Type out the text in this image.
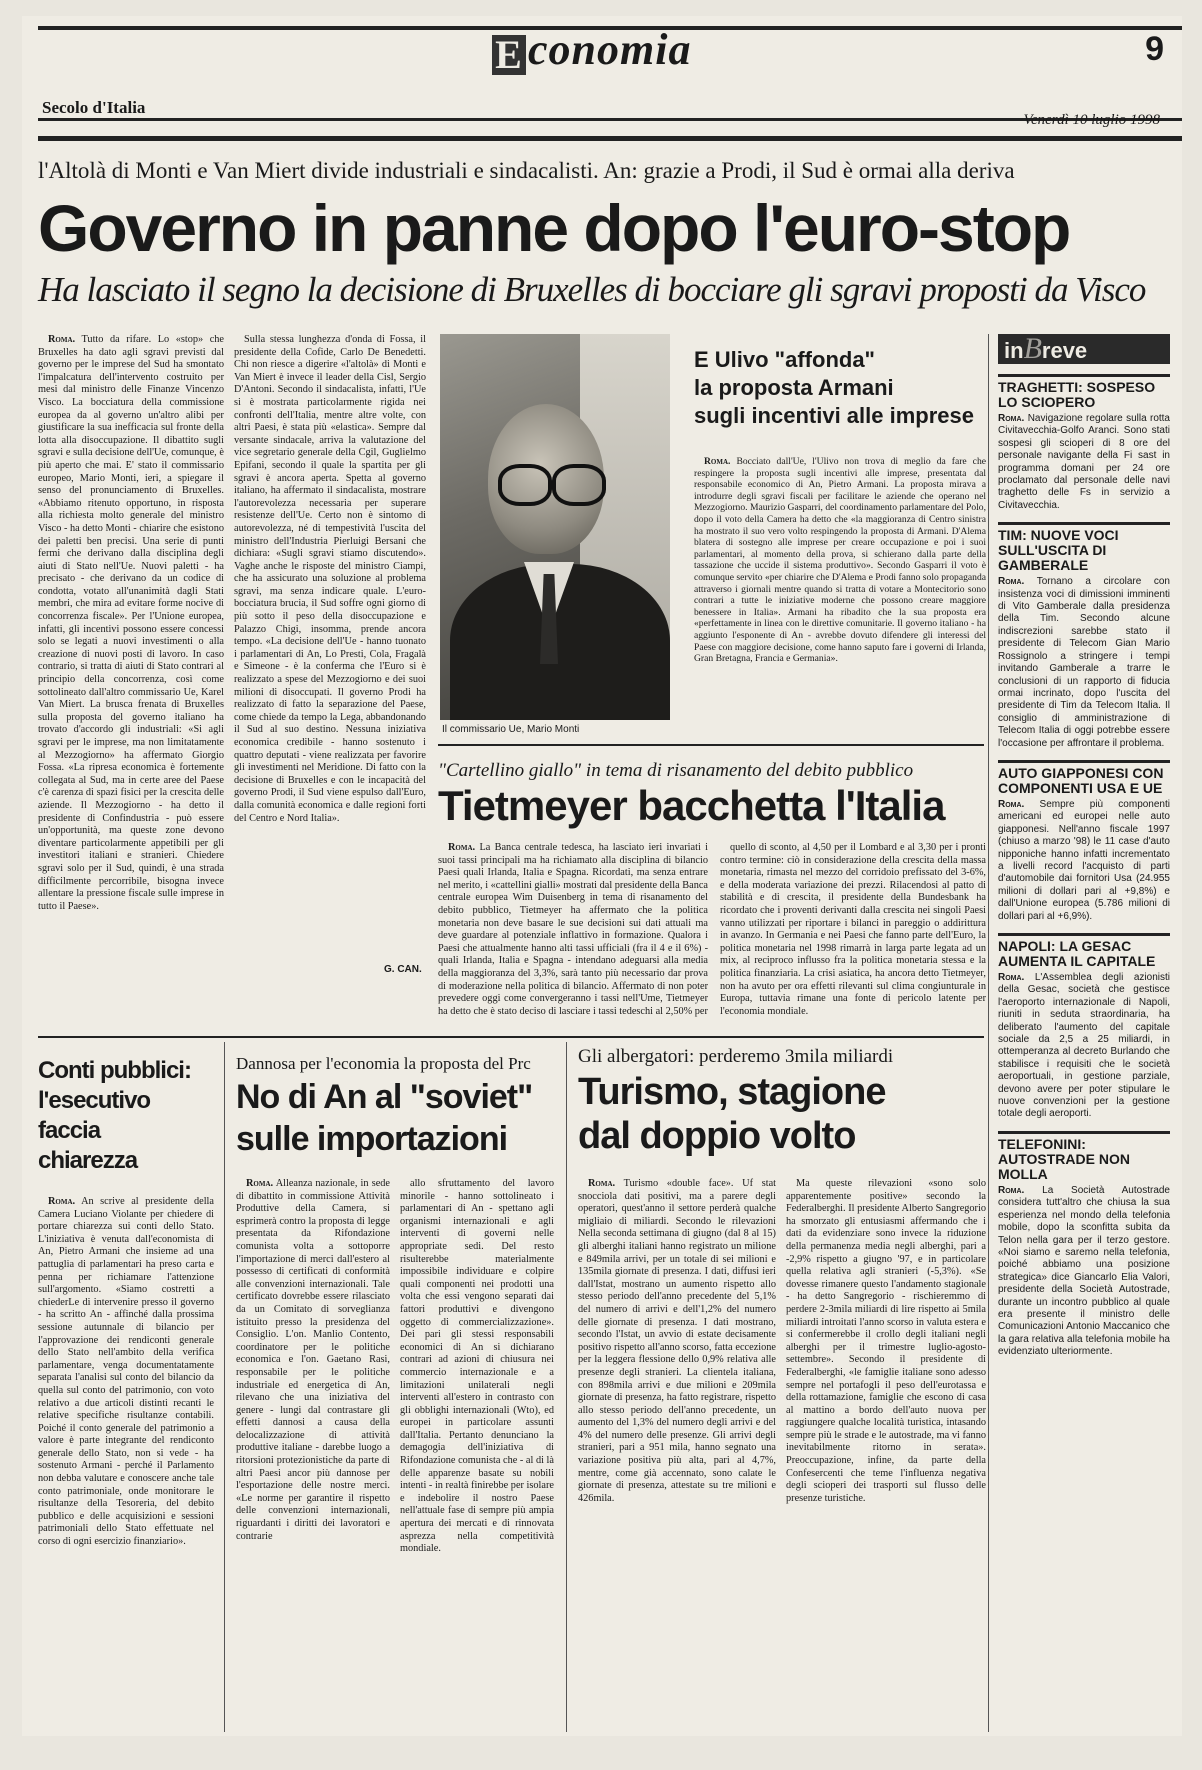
E conomia	9
Secolo d'Italia
Venerdì 10 luglio 1998
l'Altolà di Monti e Van Miert divide industriali e sindacalisti. An: grazie a Prodi, il Sud è ormai alla deriva
Governo in panne dopo l'euro-stop
Ha lasciato il segno la decisione di Bruxelles di bocciare gli sgravi proposti da Visco

Roma. Tutto da rifare. Lo «stop» che Bruxelles ha dato agli sgravi previsti dal governo per le imprese del Sud ha smontato l'impalcatura dell'intervento costruito per mesi dal ministro delle Finanze Vincenzo Visco. La bocciatura della commissione europea da al governo un'altro alibi per giustificare la sua inefficacia sul fronte della lotta alla disoccupazione. Il dibattito sugli sgravi e sulla decisione dell'Ue, comunque, è più aperto che mai. E' stato il commissario europeo, Mario Monti, ieri, a spiegare il senso del pronunciamento di Bruxelles. «Abbiamo ritenuto opportuno, in risposta alla richiesta molto generale del ministro Visco - ha detto Monti - chiarire che esistono dei paletti ben precisi. Una serie di punti fermi che derivano dalla disciplina degli aiuti di Stato nell'Ue. Nuovi paletti - ha precisato - che derivano da un codice di condotta, votato all'unanimità dagli Stati membri, che mira ad evitare forme nocive di concorrenza fiscale». Per l'Unione europea, infatti, gli incentivi possono essere concessi solo se legati a nuovi investimenti o alla creazione di nuovi posti di lavoro. In caso contrario, si tratta di aiuti di Stato contrari al principio della concorrenza, così come sottolineato dall'altro commissario Ue, Karel Van Miert. La brusca frenata di Bruxelles sulla proposta del governo italiano ha trovato d'accordo gli industriali: «Si agli sgravi per le imprese, ma non limitatamente al Mezzogiorno» ha affermato Giorgio Fossa. «La ripresa economica è fortemente collegata al Sud, ma in certe aree del Paese c'è carenza di spazi fisici per la crescita delle aziende. Il Mezzogiorno - ha detto il presidente di Confindustria - può essere un'opportunità, ma queste zone devono diventare particolarmente appetibili per gli investitori italiani e stranieri. Chiedere sgravi solo per il Sud, quindi, è una strada difficilmente percorribile, bisogna invece allentare la pressione fiscale sulle imprese in tutto il Paese».

Sulla stessa lunghezza d'onda di Fossa, il presidente della Cofide, Carlo De Benedetti. Chi non riesce a digerire «l'altolà» di Monti e Van Miert è invece il leader della Cisl, Sergio D'Antoni. Secondo il sindacalista, infatti, l'Ue si è mostrata particolarmente rigida nei confronti dell'Italia, mentre altre volte, con altri Paesi, è stata più «elastica». Sempre dal versante sindacale, arriva la valutazione del vice segretario generale della Cgil, Guglielmo Epifani, secondo il quale la spartita per gli sgravi è ancora aperta. Spetta al governo italiano, ha affermato il sindacalista, mostrare l'autorevolezza necessaria per superare resistenze dell'Ue. Certo non è sintomo di autorevolezza, né di tempestività l'uscita del ministro dell'Industria Pierluigi Bersani che dichiara: «Sugli sgravi stiamo discutendo». Vaghe anche le risposte del ministro Ciampi, che ha assicurato una soluzione al problema sgravi, ma senza indicare quale. L'euro-bocciatura brucia, il Sud soffre ogni giorno di più sotto il peso della disoccupazione e Palazzo Chigi, insomma, prende ancora tempo. «La decisione dell'Ue - hanno tuonato i parlamentari di An, Lo Presti, Cola, Fragalà e Simeone - è la conferma che l'Euro si è realizzato a spese del Mezzogiorno e dei suoi milioni di disoccupati. Il governo Prodi ha realizzato di fatto la separazione del Paese, come chiede da tempo la Lega, abbandonando il Sud al suo destino. Nessuna iniziativa economica credibile - hanno sostenuto i quattro deputati - viene realizzata per favorire gli investimenti nel Meridione. Di fatto con la decisione di Bruxelles e con le incapacità del governo Prodi, il Sud viene espulso dall'Euro, dalla comunità economica e dalle regioni forti del Centro e Nord Italia».

G. CAN.
Il commissario Ue, Mario Monti
E Ulivo "affonda"
la proposta Armani
sugli incentivi alle imprese

Roma. Bocciato dall'Ue, l'Ulivo non trova di meglio da fare che respingere la proposta sugli incentivi alle imprese, presentata dal responsabile economico di An, Pietro Armani. La proposta mirava a introdurre degli sgravi fiscali per facilitare le aziende che operano nel Mezzogiorno. Maurizio Gasparri, del coordinamento parlamentare del Polo, dopo il voto della Camera ha detto che «la maggioranza di Centro sinistra ha mostrato il suo vero volto respingendo la proposta di Armani. D'Alema blatera di sostegno alle imprese per creare occupazione e poi i suoi parlamentari, al momento della prova, si schierano dalla parte della tassazione che uccide il sistema produttivo». Secondo Gasparri il voto è comunque servito «per chiarire che D'Alema e Prodi fanno solo propaganda attraverso i giornali mentre quando si tratta di votare a Montecitorio sono contrari a tutte le iniziative moderne che possono creare maggiore benessere in Italia». Armani ha ribadito che la sua proposta era «perfettamente in linea con le direttive comunitarie. Il governo italiano - ha aggiunto l'esponente di An - avrebbe dovuto difendere gli interessi del Paese con maggiore decisione, come hanno saputo fare i governi di Irlanda, Gran Bretagna, Francia e Germania».

"Cartellino giallo" in tema di risanamento del debito pubblico
Tietmeyer bacchetta l'Italia

Roma. La Banca centrale tedesca, ha lasciato ieri invariati i suoi tassi principali ma ha richiamato alla disciplina di bilancio Paesi quali Irlanda, Italia e Spagna. Ricordati, ma senza entrare nel merito, i «cattellini gialli» mostrati dal presidente della Banca centrale europea Wim Duisenberg in tema di risanamento del debito pubblico, Tietmeyer ha affermato che la politica monetaria non deve basare le sue decisioni sui dati attuali ma deve guardare al potenziale inflattivo in formazione. Qualora i Paesi che attualmente hanno alti tassi ufficiali (fra il 4 e il 6%) - quali Irlanda, Italia e Spagna - intendano adeguarsi alla media della maggioranza del 3,3%, sarà tanto più necessario dar prova di moderazione nella politica di bilancio. Affermato di non poter prevedere oggi come convergeranno i tassi nell'Ume, Tietmeyer ha detto che è stato deciso di lasciare i tassi tedeschi al 2,50% per

quello di sconto, al 4,50 per il Lombard e al 3,30 per i pronti contro termine: ciò in considerazione della crescita della massa monetaria, rimasta nel mezzo del corridoio prefissato del 3-6%, e della moderata variazione dei prezzi. Rilacendosi al patto di stabilità e di crescita, il presidente della Bundesbank ha ricordato che i proventi derivanti dalla crescita nei singoli Paesi vanno utilizzati per riportare i bilanci in pareggio o addirittura in avanzo. In Germania e nei Paesi che fanno parte dell'Euro, la politica monetaria nel 1998 rimarrà in larga parte legata ad un mix, al reciproco influsso fra la politica monetaria stessa e la politica finanziaria. La crisi asiatica, ha ancora detto Tietmeyer, non ha avuto per ora effetti rilevanti sul clima congiunturale in Europa, tuttavia rimane una fonte di pericolo latente per l'economia mondiale.

Conti pubblici:
l'esecutivo
faccia
chiarezza

Roma. An scrive al presidente della Camera Luciano Violante per chiedere di portare chiarezza sui conti dello Stato. L'iniziativa è venuta dall'economista di An, Pietro Armani che insieme ad una pattuglia di parlamentari ha preso carta e penna per richiamare l'attenzione sull'argomento. «Siamo costretti a chiederLe di intervenire presso il governo - ha scritto An - affinché dalla prossima sessione autunnale di bilancio per l'approvazione dei rendiconti generale dello Stato nell'ambito della verifica parlamentare, venga documentatamente separata l'analisi sul conto del bilancio da quella sul conto del patrimonio, con voto relativo a due articoli distinti recanti le relative specifiche risultanze contabili. Poiché il conto generale del patrimonio a valore è parte integrante del rendiconto generale dello Stato, non si vede - ha sostenuto Armani - perché il Parlamento non debba valutare e conoscere anche tale conto patrimoniale, onde monitorare le risultanze della Tesoreria, del debito pubblico e delle acquisizioni e sessioni patrimoniali dello Stato effettuate nel corso di ogni esercizio finanziario».

Dannosa per l'economia la proposta del Prc
No di An al "soviet"
sulle importazioni

Roma. Alleanza nazionale, in sede di dibattito in commissione Attività Produttive della Camera, si esprimerà contro la proposta di legge presentata da Rifondazione comunista volta a sottoporre l'importazione di merci dall'estero al possesso di certificati di conformità alle convenzioni internazionali. Tale certificato dovrebbe essere rilasciato da un Comitato di sorveglianza istituito presso la presidenza del Consiglio. L'on. Manlio Contento, coordinatore per le politiche economica e l'on. Gaetano Rasi, responsabile per le politiche industriale ed energetica di An, rilevano che una iniziativa del genere - lungi dal contrastare gli effetti dannosi a causa della delocalizzazione di attività produttive italiane - darebbe luogo a ritorsioni protezionistiche da parte di altri Paesi ancor più dannose per l'esportazione delle nostre merci. «Le norme per garantire il rispetto delle convenzioni internazionali, riguardanti i diritti dei lavoratori e contrarie

allo sfruttamento del lavoro minorile - hanno sottolineato i parlamentari di An - spettano agli organismi internazionali e agli interventi di governi nelle appropriate sedi. Del resto risulterebbe materialmente impossibile individuare e colpire quali componenti nei prodotti una volta che essi vengono separati dai fattori produttivi e divengono oggetto di commercializzazione». Dei pari gli stessi responsabili economici di An si dichiarano contrari ad azioni di chiusura nei commercio internazionale e a limitazioni unilaterali negli interventi all'estero in contrasto con gli obblighi internazionali (Wto), ed europei in particolare assunti dall'Italia. Pertanto denunciano la demagogia dell'iniziativa di Rifondazione comunista che - al di là delle apparenze basate su nobili intenti - in realtà finirebbe per isolare e indebolire il nostro Paese nell'attuale fase di sempre più ampia apertura dei mercati e di rinnovata asprezza nella competitività mondiale.

Gli albergatori: perderemo 3mila miliardi
Turismo, stagione
dal doppio volto

Roma. Turismo «double face». Uf stat snocciola dati positivi, ma a parere degli operatori, quest'anno il settore perderà qualche migliaio di miliardi. Secondo le rilevazioni Nella seconda settimana di giugno (dal 8 al 15) gli alberghi italiani hanno registrato un milione e 849mila arrivi, per un totale di sei milioni e 135mila giornate di presenza. I dati, diffusi ieri dall'Istat, mostrano un aumento rispetto allo stesso periodo dell'anno precedente del 5,1% del numero di arrivi e dell'1,2% del numero delle giornate di presenza. I dati mostrano, secondo l'Istat, un avvio di estate decisamente positivo rispetto all'anno scorso, fatta eccezione per la leggera flessione dello 0,9% relativa alle presenze degli stranieri. La clientela italiana, con 898mila arrivi e due milioni e 209mila giornate di presenza, ha fatto registrare, rispetto allo stesso periodo dell'anno precedente, un aumento del 1,3% del numero degli arrivi e del 4% del numero delle presenze. Gli arrivi degli stranieri, pari a 951 mila, hanno segnato una variazione positiva più alta, pari al 4,7%, mentre, come già accennato, sono calate le giornate di presenza, attestate su tre milioni e 426mila.

Ma queste rilevazioni «sono solo apparentemente positive» secondo la Federalberghi. Il presidente Alberto Sangregorio ha smorzato gli entusiasmi affermando che i dati da evidenziare sono invece la riduzione della permanenza media negli alberghi, pari a -2,9% rispetto a giugno '97, e in particolare quella relativa agli stranieri (-5,3%). «Se dovesse rimanere questo l'andamento stagionale - ha detto Sangregorio - rischieremmo di perdere 2-3mila miliardi di lire rispetto ai 5mila miliardi introitati l'anno scorso in valuta estera e si confermerebbe il crollo degli italiani negli alberghi per il trimestre luglio-agosto-settembre». Secondo il presidente di Federalberghi, «le famiglie italiane sono adesso sempre nel portafogli il peso dell'eurotassa e della rottamazione, famiglie che escono di casa al mattino a bordo dell'auto nuova per raggiungere qualche località turistica, intasando sempre più le strade e le autostrade, ma vi fanno inevitabilmente ritorno in serata». Preoccupazione, infine, da parte della Confesercenti che teme l'influenza negativa degli scioperi dei trasporti sul flusso delle presenze turistiche.

inBreve
TRAGHETTI: SOSPESO LO SCIOPERO
Roma. Navigazione regolare sulla rotta Civitavecchia-Golfo Aranci. Sono stati sospesi gli scioperi di 8 ore del personale navigante della Fi sast in programma domani per 24 ore proclamato dal personale delle navi traghetto delle Fs in servizio a Civitavecchia.
TIM: NUOVE VOCI SULL'USCITA DI GAMBERALE
Roma. Tornano a circolare con insistenza voci di dimissioni imminenti di Vito Gamberale dalla presidenza della Tim. Secondo alcune indiscrezioni sarebbe stato il presidente di Telecom Gian Mario Rossignolo a stringere i tempi invitando Gamberale a trarre le conclusioni di un rapporto di fiducia ormai incrinato, dopo l'uscita del presidente di Tim da Telecom Italia. Il consiglio di amministrazione di Telecom Italia di oggi potrebbe essere l'occasione per affrontare il problema.
AUTO GIAPPONESI CON COMPONENTI USA E UE
Roma. Sempre più componenti americani ed europei nelle auto giapponesi. Nell'anno fiscale 1997 (chiuso a marzo '98) le 11 case d'auto nipponiche hanno infatti incrementato a livelli record l'acquisto di parti d'automobile dai fornitori Usa (24.955 milioni di dollari pari al +9,8%) e dall'Unione europea (5.786 milioni di dollari pari al +6,9%).
NAPOLI: LA GESAC AUMENTA IL CAPITALE
Roma. L'Assemblea degli azionisti della Gesac, società che gestisce l'aeroporto internazionale di Napoli, riuniti in seduta straordinaria, ha deliberato l'aumento del capitale sociale da 2,5 a 25 miliardi, in ottemperanza al decreto Burlando che stabilisce i requisiti che le società aeroportuali, in gestione parziale, devono avere per poter stipulare le nuove convenzioni per la gestione totale degli aeroporti.
TELEFONINI: AUTOSTRADE NON MOLLA
Roma. La Società Autostrade considera tutt'altro che chiusa la sua esperienza nel mondo della telefonia mobile, dopo la sconfitta subita da Telon nella gara per il terzo gestore. «Noi siamo e saremo nella telefonia, poiché abbiamo una posizione strategica» dice Giancarlo Elia Valori, presidente della Società Autostrade, durante un incontro pubblico al quale era presente il ministro delle Comunicazioni Antonio Maccanico che la gara relativa alla telefonia mobile ha evidenziato ulteriormente.
